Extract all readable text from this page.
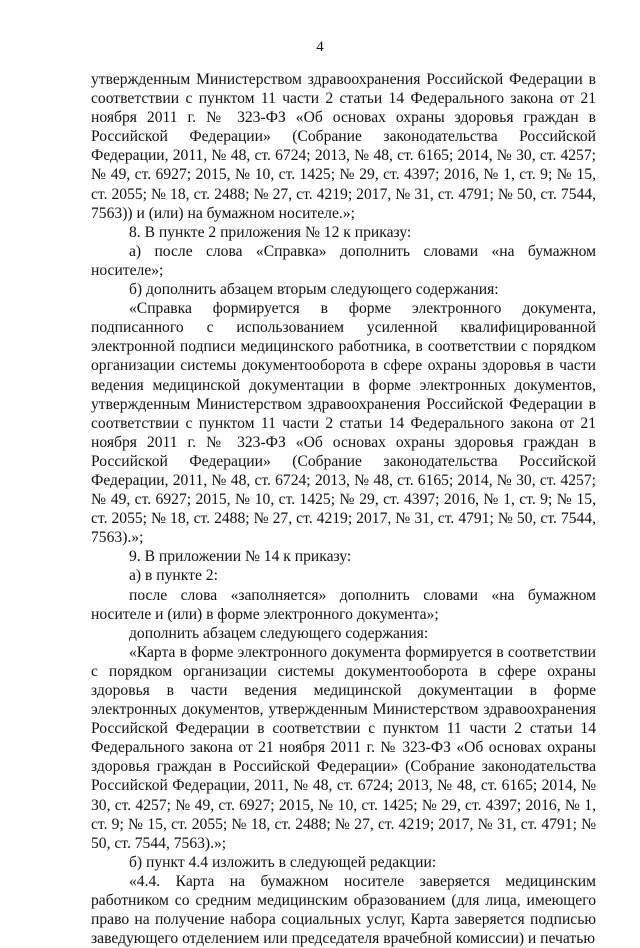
4

утвержденным Министерством здравоохранения Российской Федерации в соответствии с пунктом 11 части 2 статьи 14 Федерального закона от 21 ноября 2011 г. № 323-ФЗ «Об основах охраны здоровья граждан в Российской Федерации» (Собрание законодательства Российской Федерации, 2011, № 48, ст. 6724; 2013, № 48, ст. 6165; 2014, № 30, ст. 4257; № 49, ст. 6927; 2015, № 10, ст. 1425; № 29, ст. 4397; 2016, № 1, ст. 9; № 15, ст. 2055; № 18, ст. 2488; № 27, ст. 4219; 2017, № 31, ст. 4791; № 50, ст. 7544, 7563)) и (или) на бумажном носителе.»;

8. В пункте 2 приложения № 12 к приказу:

а) после слова «Справка» дополнить словами «на бумажном носителе»;

б) дополнить абзацем вторым следующего содержания:

«Справка формируется в форме электронного документа, подписанного с использованием усиленной квалифицированной электронной подписи медицинского работника, в соответствии с порядком организации системы документооборота в сфере охраны здоровья в части ведения медицинской документации в форме электронных документов, утвержденным Министерством здравоохранения Российской Федерации в соответствии с пунктом 11 части 2 статьи 14 Федерального закона от 21 ноября 2011 г. № 323-ФЗ «Об основах охраны здоровья граждан в Российской Федерации» (Собрание законодательства Российской Федерации, 2011, № 48, ст. 6724; 2013, № 48, ст. 6165; 2014, № 30, ст. 4257; № 49, ст. 6927; 2015, № 10, ст. 1425; № 29, ст. 4397; 2016, № 1, ст. 9; № 15, ст. 2055; № 18, ст. 2488; № 27, ст. 4219; 2017, № 31, ст. 4791; № 50, ст. 7544, 7563).»;

9. В приложении № 14 к приказу:

а) в пункте 2:

после слова «заполняется» дополнить словами «на бумажном носителе и (или) в форме электронного документа»;

дополнить абзацем следующего содержания:

«Карта в форме электронного документа формируется в соответствии с порядком организации системы документооборота в сфере охраны здоровья в части ведения медицинской документации в форме электронных документов, утвержденным Министерством здравоохранения Российской Федерации в соответствии с пунктом 11 части 2 статьи 14 Федерального закона от 21 ноября 2011 г. № 323-ФЗ «Об основах охраны здоровья граждан в Российской Федерации» (Собрание законодательства Российской Федерации, 2011, № 48, ст. 6724; 2013, № 48, ст. 6165; 2014, № 30, ст. 4257; № 49, ст. 6927; 2015, № 10, ст. 1425; № 29, ст. 4397; 2016, № 1, ст. 9; № 15, ст. 2055; № 18, ст. 2488; № 27, ст. 4219; 2017, № 31, ст. 4791; № 50, ст. 7544, 7563).»;

б) пункт 4.4 изложить в следующей редакции:

«4.4. Карта на бумажном носителе заверяется медицинским работником со средним медицинским образованием (для лица, имеющего право на получение набора социальных услуг, Карта заверяется подписью заведующего отделением или председателя врачебной комиссии) и печатью
